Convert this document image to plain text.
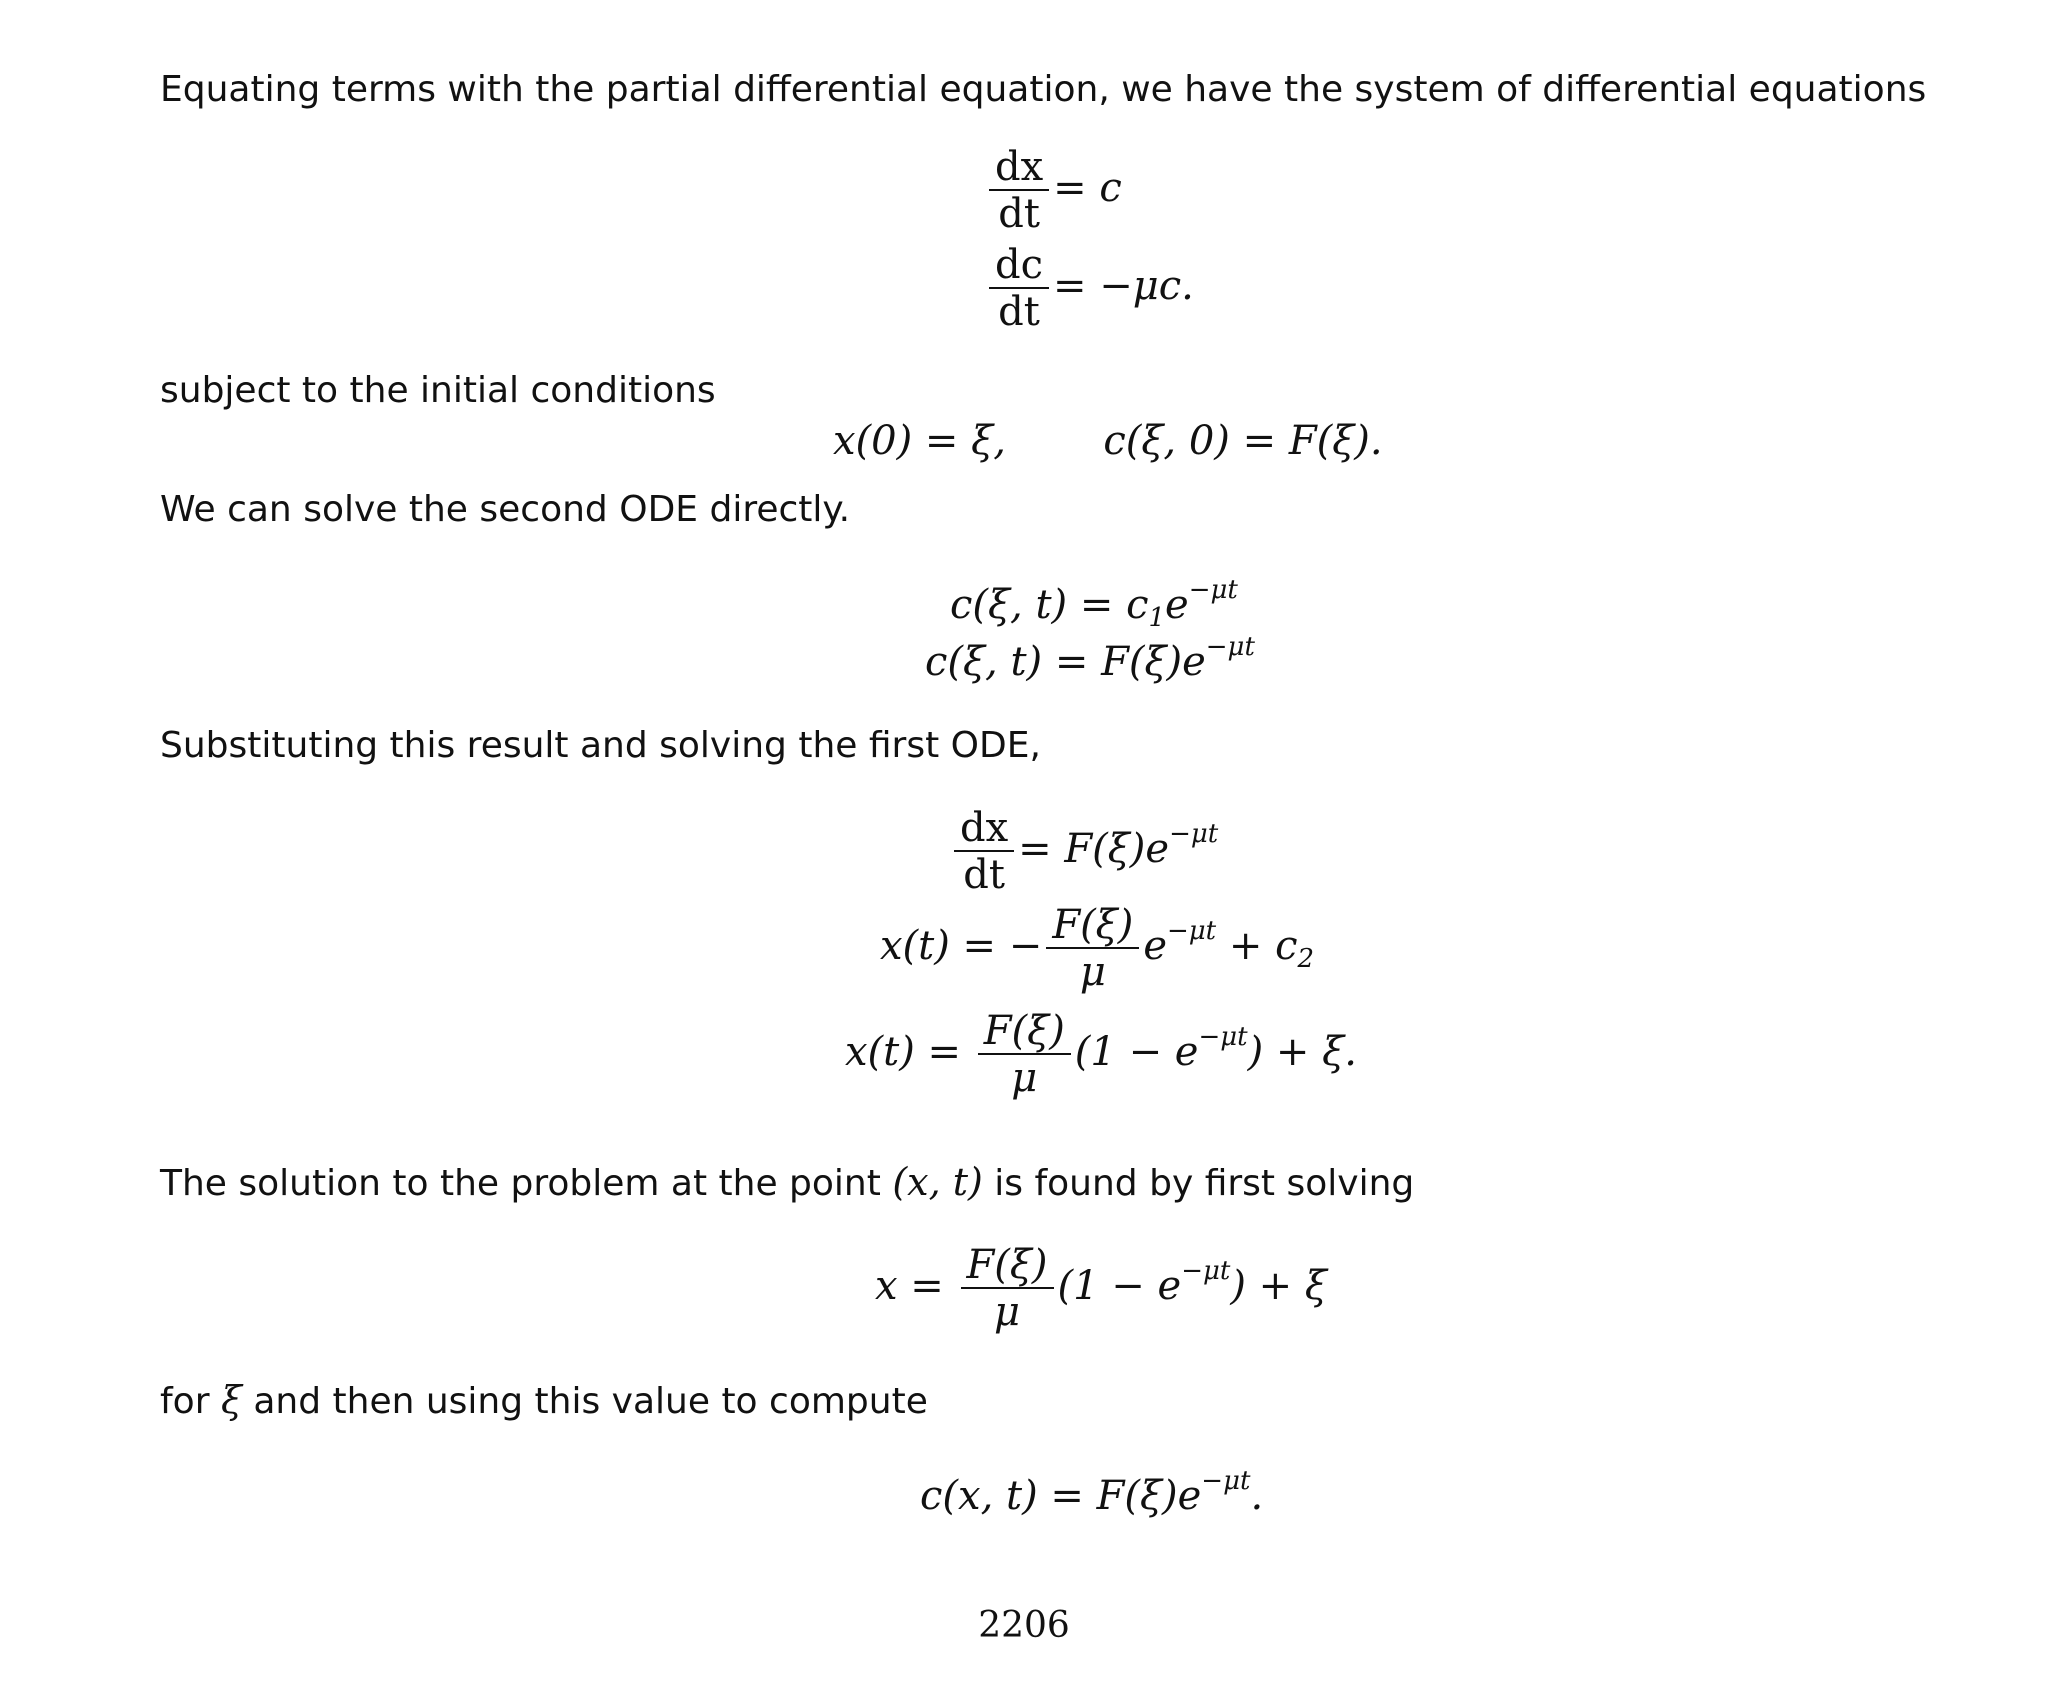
Equating terms with the partial differential equation, we have the system of differential equations
$\frac{dx}{dt} = c$
$\frac{dc}{dt} = -\mu c$.
subject to the initial conditions
x(0) = ξ, c(ξ, 0) = F(ξ).
We can solve the second ODE directly.
c(ξ, $t) = c_1e^{-\mu t}$
c(ξ, $t) = F(\xi)e^{-\mu t}$
Substituting this result and solving the first ODE,
$\frac{dx}{dt} = F(\xi)e^{-\mu t}$
x(t) = − $\frac{F(\xi)}{\mu} e^{-\mu t} + c_2$
$x(t) = \frac{F(\xi)}{\mu} (1 - e^{-\mu t}) + \xi$.
The solution to the problem at the point (x, t) is found by first solving
$x = \frac{F(\xi)}{\mu} (1 - e^{-\mu t}) + \xi$
for ξ and then using this value to compute
c(x, $t) = F(\xi)e^{-\mu t}$.
2206
